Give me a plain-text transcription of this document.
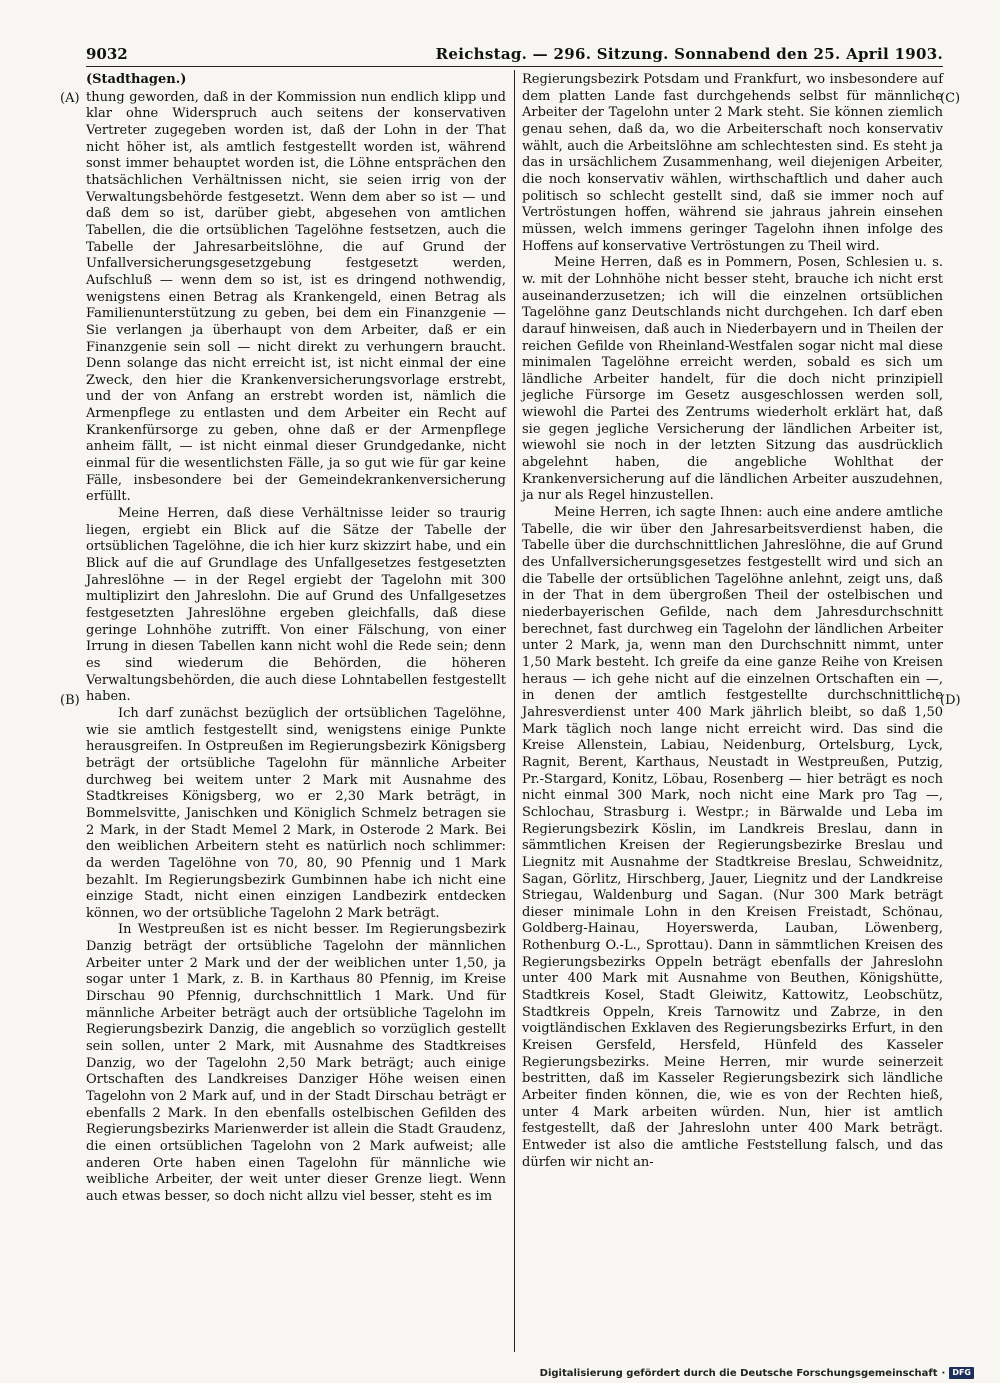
9032	Reichstag. — 296. Sitzung. Sonnabend den 25. April 1903.
(A)
(B)
(C)
(D)

(Stadthagen.)

thung geworden, daß in der Kommission nun endlich klipp und klar ohne Widerspruch auch seitens der konservativen Vertreter zugegeben worden ist, daß der Lohn in der That nicht höher ist, als amtlich festgestellt worden ist, während sonst immer behauptet worden ist, die Löhne entsprächen den thatsächlichen Verhältnissen nicht, sie seien irrig von der Verwaltungsbehörde festgesetzt. Wenn dem aber so ist — und daß dem so ist, darüber giebt, abgesehen von amtlichen Tabellen, die die ortsüblichen Tagelöhne festsetzen, auch die Tabelle der Jahresarbeitslöhne, die auf Grund der Unfallversicherungsgesetzgebung festgesetzt werden, Aufschluß — wenn dem so ist, ist es dringend nothwendig, wenigstens einen Betrag als Krankengeld, einen Betrag als Familienunterstützung zu geben, bei dem ein Finanzgenie — Sie verlangen ja überhaupt von dem Arbeiter, daß er ein Finanzgenie sein soll — nicht direkt zu verhungern braucht. Denn solange das nicht erreicht ist, ist nicht einmal der eine Zweck, den hier die Krankenversicherungsvorlage erstrebt, und der von Anfang an erstrebt worden ist, nämlich die Armenpflege zu entlasten und dem Arbeiter ein Recht auf Krankenfürsorge zu geben, ohne daß er der Armenpflege anheim fällt, — ist nicht einmal dieser Grundgedanke, nicht einmal für die wesentlichsten Fälle, ja so gut wie für gar keine Fälle, insbesondere bei der Gemeindekrankenversicherung erfüllt.

Meine Herren, daß diese Verhältnisse leider so traurig liegen, ergiebt ein Blick auf die Sätze der Tabelle der ortsüblichen Tagelöhne, die ich hier kurz skizzirt habe, und ein Blick auf die auf Grundlage des Unfallgesetzes festgesetzten Jahreslöhne — in der Regel ergiebt der Tagelohn mit 300 multiplizirt den Jahreslohn. Die auf Grund des Unfallgesetzes festgesetzten Jahreslöhne ergeben gleichfalls, daß diese geringe Lohnhöhe zutrifft. Von einer Fälschung, von einer Irrung in diesen Tabellen kann nicht wohl die Rede sein; denn es sind wiederum die Behörden, die höheren Verwaltungsbehörden, die auch diese Lohntabellen festgestellt haben.

Ich darf zunächst bezüglich der ortsüblichen Tagelöhne, wie sie amtlich festgestellt sind, wenigstens einige Punkte herausgreifen. In Ostpreußen im Regierungsbezirk Königsberg beträgt der ortsübliche Tagelohn für männliche Arbeiter durchweg bei weitem unter 2 Mark mit Ausnahme des Stadtkreises Königsberg, wo er 2,30 Mark beträgt, in Bommelsvitte, Janischken und Königlich Schmelz betragen sie 2 Mark, in der Stadt Memel 2 Mark, in Osterode 2 Mark. Bei den weiblichen Arbeitern steht es natürlich noch schlimmer: da werden Tagelöhne von 70, 80, 90 Pfennig und 1 Mark bezahlt. Im Regierungsbezirk Gumbinnen habe ich nicht eine einzige Stadt, nicht einen einzigen Landbezirk entdecken können, wo der ortsübliche Tagelohn 2 Mark beträgt.

In Westpreußen ist es nicht besser. Im Regierungsbezirk Danzig beträgt der ortsübliche Tagelohn der männlichen Arbeiter unter 2 Mark und der der weiblichen unter 1,50, ja sogar unter 1 Mark, z. B. in Karthaus 80 Pfennig, im Kreise Dirschau 90 Pfennig, durchschnittlich 1 Mark. Und für männliche Arbeiter beträgt auch der ortsübliche Tagelohn im Regierungsbezirk Danzig, die angeblich so vorzüglich gestellt sein sollen, unter 2 Mark, mit Ausnahme des Stadtkreises Danzig, wo der Tagelohn 2,50 Mark beträgt; auch einige Ortschaften des Landkreises Danziger Höhe weisen einen Tagelohn von 2 Mark auf, und in der Stadt Dirschau beträgt er ebenfalls 2 Mark. In den ebenfalls ostelbischen Gefilden des Regierungsbezirks Marienwerder ist allein die Stadt Graudenz, die einen ortsüblichen Tagelohn von 2 Mark aufweist; alle anderen Orte haben einen Tagelohn für männliche wie weibliche Arbeiter, der weit unter dieser Grenze liegt. Wenn auch etwas besser, so doch nicht allzu viel besser, steht es im

Regierungsbezirk Potsdam und Frankfurt, wo insbesondere auf dem platten Lande fast durchgehends selbst für männliche Arbeiter der Tagelohn unter 2 Mark steht. Sie können ziemlich genau sehen, daß da, wo die Arbeiterschaft noch konservativ wählt, auch die Arbeitslöhne am schlechtesten sind. Es steht ja das in ursächlichem Zusammenhang, weil diejenigen Arbeiter, die noch konservativ wählen, wirthschaftlich und daher auch politisch so schlecht gestellt sind, daß sie immer noch auf Vertröstungen hoffen, während sie jahraus jahrein einsehen müssen, welch immens geringer Tagelohn ihnen infolge des Hoffens auf konservative Vertröstungen zu Theil wird.

Meine Herren, daß es in Pommern, Posen, Schlesien u. s. w. mit der Lohnhöhe nicht besser steht, brauche ich nicht erst auseinanderzusetzen; ich will die einzelnen ortsüblichen Tagelöhne ganz Deutschlands nicht durchgehen. Ich darf eben darauf hinweisen, daß auch in Niederbayern und in Theilen der reichen Gefilde von Rheinland-Westfalen sogar nicht mal diese minimalen Tagelöhne erreicht werden, sobald es sich um ländliche Arbeiter handelt, für die doch nicht prinzipiell jegliche Fürsorge im Gesetz ausgeschlossen werden soll, wiewohl die Partei des Zentrums wiederholt erklärt hat, daß sie gegen jegliche Versicherung der ländlichen Arbeiter ist, wiewohl sie noch in der letzten Sitzung das ausdrücklich abgelehnt haben, die angebliche Wohlthat der Krankenversicherung auf die ländlichen Arbeiter auszudehnen, ja nur als Regel hinzustellen.

Meine Herren, ich sagte Ihnen: auch eine andere amtliche Tabelle, die wir über den Jahresarbeitsverdienst haben, die Tabelle über die durchschnittlichen Jahreslöhne, die auf Grund des Unfallversicherungsgesetzes festgestellt wird und sich an die Tabelle der ortsüblichen Tagelöhne anlehnt, zeigt uns, daß in der That in dem übergroßen Theil der ostelbischen und niederbayerischen Gefilde, nach dem Jahresdurchschnitt berechnet, fast durchweg ein Tagelohn der ländlichen Arbeiter unter 2 Mark, ja, wenn man den Durchschnitt nimmt, unter 1,50 Mark besteht. Ich greife da eine ganze Reihe von Kreisen heraus — ich gehe nicht auf die einzelnen Ortschaften ein —, in denen der amtlich festgestellte durchschnittliche Jahresverdienst unter 400 Mark jährlich bleibt, so daß 1,50 Mark täglich noch lange nicht erreicht wird. Das sind die Kreise Allenstein, Labiau, Neidenburg, Ortelsburg, Lyck, Ragnit, Berent, Karthaus, Neustadt in Westpreußen, Putzig, Pr.-Stargard, Konitz, Löbau, Rosenberg — hier beträgt es noch nicht einmal 300 Mark, noch nicht eine Mark pro Tag —, Schlochau, Strasburg i. Westpr.; in Bärwalde und Leba im Regierungsbezirk Köslin, im Landkreis Breslau, dann in sämmtlichen Kreisen der Regierungsbezirke Breslau und Liegnitz mit Ausnahme der Stadtkreise Breslau, Schweidnitz, Sagan, Görlitz, Hirschberg, Jauer, Liegnitz und der Landkreise Striegau, Waldenburg und Sagan. (Nur 300 Mark beträgt dieser minimale Lohn in den Kreisen Freistadt, Schönau, Goldberg-Hainau, Hoyerswerda, Lauban, Löwenberg, Rothenburg O.-L., Sprottau). Dann in sämmtlichen Kreisen des Regierungsbezirks Oppeln beträgt ebenfalls der Jahreslohn unter 400 Mark mit Ausnahme von Beuthen, Königshütte, Stadtkreis Kosel, Stadt Gleiwitz, Kattowitz, Leobschütz, Stadtkreis Oppeln, Kreis Tarnowitz und Zabrze, in den voigtländischen Exklaven des Regierungsbezirks Erfurt, in den Kreisen Gersfeld, Hersfeld, Hünfeld des Kasseler Regierungsbezirks. Meine Herren, mir wurde seinerzeit bestritten, daß im Kasseler Regierungsbezirk sich ländliche Arbeiter finden können, die, wie es von der Rechten hieß, unter 4 Mark arbeiten würden. Nun, hier ist amtlich festgestellt, daß der Jahreslohn unter 400 Mark beträgt. Entweder ist also die amtliche Feststellung falsch, und das dürfen wir nicht an-

Digitalisierung gefördert durch die Deutsche Forschungsgemeinschaft · DFG
